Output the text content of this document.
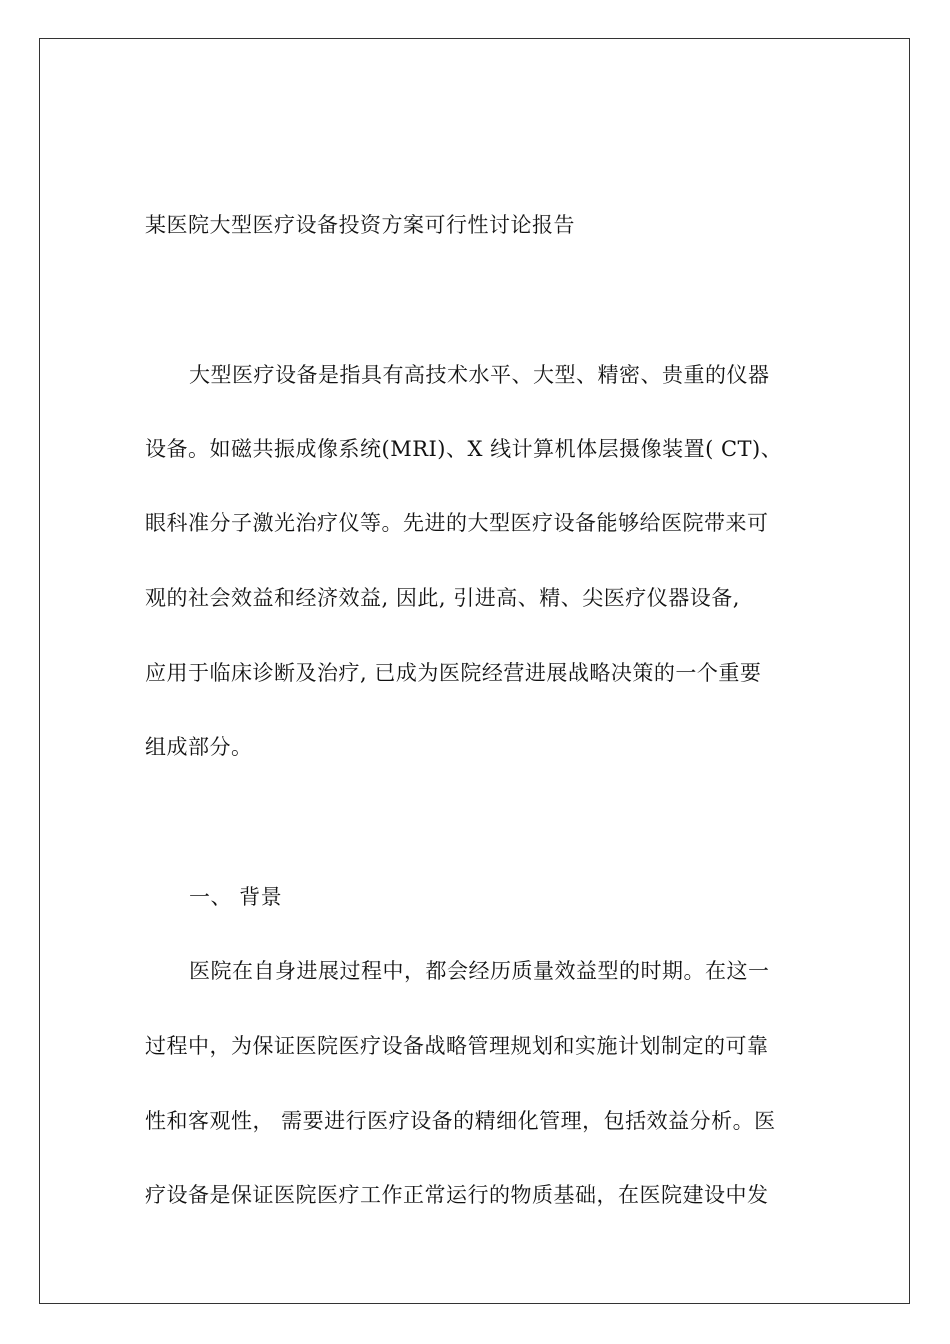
某医院大型医疗设备投资方案可行性讨论报告
大型医疗设备是指具有高技术水平、大型、精密、贵重的仪器
设备。如磁共振成像系统(MRI)、X 线计算机体层摄像装置( CT)、
眼科准分子激光治疗仪等。先进的大型医疗设备能够给医院带来可
观的社会效益和经济效益, 因此, 引进高、精、尖医疗仪器设备,
应用于临床诊断及治疗, 已成为医院经营进展战略决策的一个重要
组成部分。
一、 背景
医院在自身进展过程中，都会经历质量效益型的时期。在这一
过程中，为保证医院医疗设备战略管理规划和实施计划制定的可靠
性和客观性， 需要进行医疗设备的精细化管理，包括效益分析。医
疗设备是保证医院医疗工作正常运行的物质基础，在医院建设中发
